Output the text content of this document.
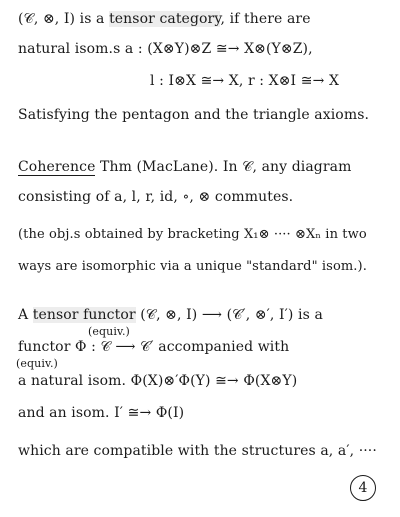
(𝒞, ⊗, I) is a tensor category, if there are
natural isom.s a : (X⊗Y)⊗Z ≅→ X⊗(Y⊗Z),
l : I⊗X ≅→ X, r : X⊗I ≅→ X
Satisfying the pentagon and the triangle axioms.
Coherence Thm (MacLane). In 𝒞, any diagram
consisting of a, l, r, id, ∘, ⊗ commutes.
(the obj.s obtained by bracketing X₁⊗ ···· ⊗Xₙ in two
ways are isomorphic via a unique "standard" isom.).
A tensor functor (𝒞, ⊗, I) ⟶ (𝒞′, ⊗′, I′) is a
(equiv.)
functor Φ : 𝒞 ⟶ 𝒞′ accompanied with
(equiv.)
a natural isom. Φ(X)⊗′Φ(Y) ≅→ Φ(X⊗Y)
and an isom. I′ ≅→ Φ(I)
which are compatible with the structures a, a′, ····
4
